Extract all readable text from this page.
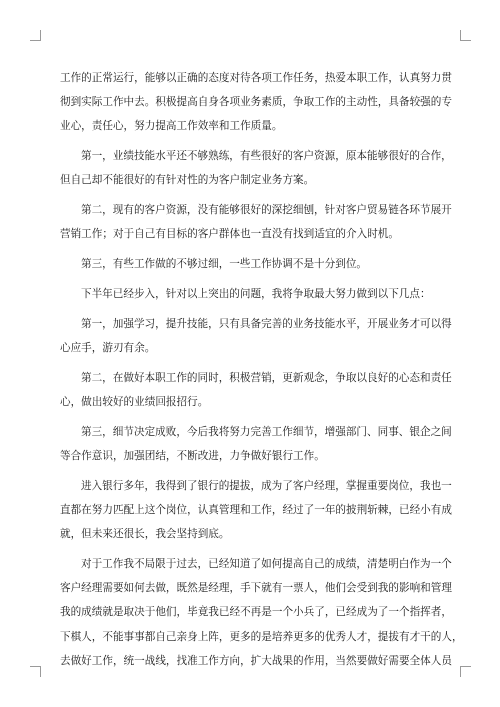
工作的正常运行，能够以正确的态度对待各项工作任务，热爱本职工作，认真努力贯
彻到实际工作中去。积极提高自身各项业务素质，争取工作的主动性，具备较强的专
业心，责任心，努力提高工作效率和工作质量。

第一，业绩技能水平还不够熟练，有些很好的客户资源，原本能够很好的合作，
但自己却不能很好的有针对性的为客户制定业务方案。

第二，现有的客户资源，没有能够很好的深挖细刨，针对客户贸易链各环节展开
营销工作；对于自己有目标的客户群体也一直没有找到适宜的介入时机。

第三，有些工作做的不够过细，一些工作协调不是十分到位。

下半年已经步入，针对以上突出的问题，我将争取最大努力做到以下几点：

第一，加强学习，提升技能，只有具备完善的业务技能水平，开展业务才可以得
心应手，游刃有余。

第二，在做好本职工作的同时，积极营销，更新观念，争取以良好的心态和责任
心，做出较好的业绩回报招行。

第三，细节决定成败，今后我将努力完善工作细节，增强部门、同事、银企之间
等合作意识，加强团结，不断改进，力争做好银行工作。

进入银行多年，我得到了银行的提拔，成为了客户经理，掌握重要岗位，我也一
直都在努力匹配上这个岗位，认真管理和工作，经过了一年的披荆斩棘，已经小有成
就，但未来还很长，我会坚持到底。

对于工作我不局限于过去，已经知道了如何提高自己的成绩，清楚明白作为一个
客户经理需要如何去做，既然是经理，手下就有一票人，他们会受到我的影响和管理
我的成绩就是取决于他们，毕竟我已经不再是一个小兵了，已经成为了一个指挥者，
下棋人，不能事事都自己亲身上阵，更多的是培养更多的优秀人才，提拔有才干的人，
去做好工作，统一战线，找准工作方向，扩大战果的作用，当然要做好需要全体人员
